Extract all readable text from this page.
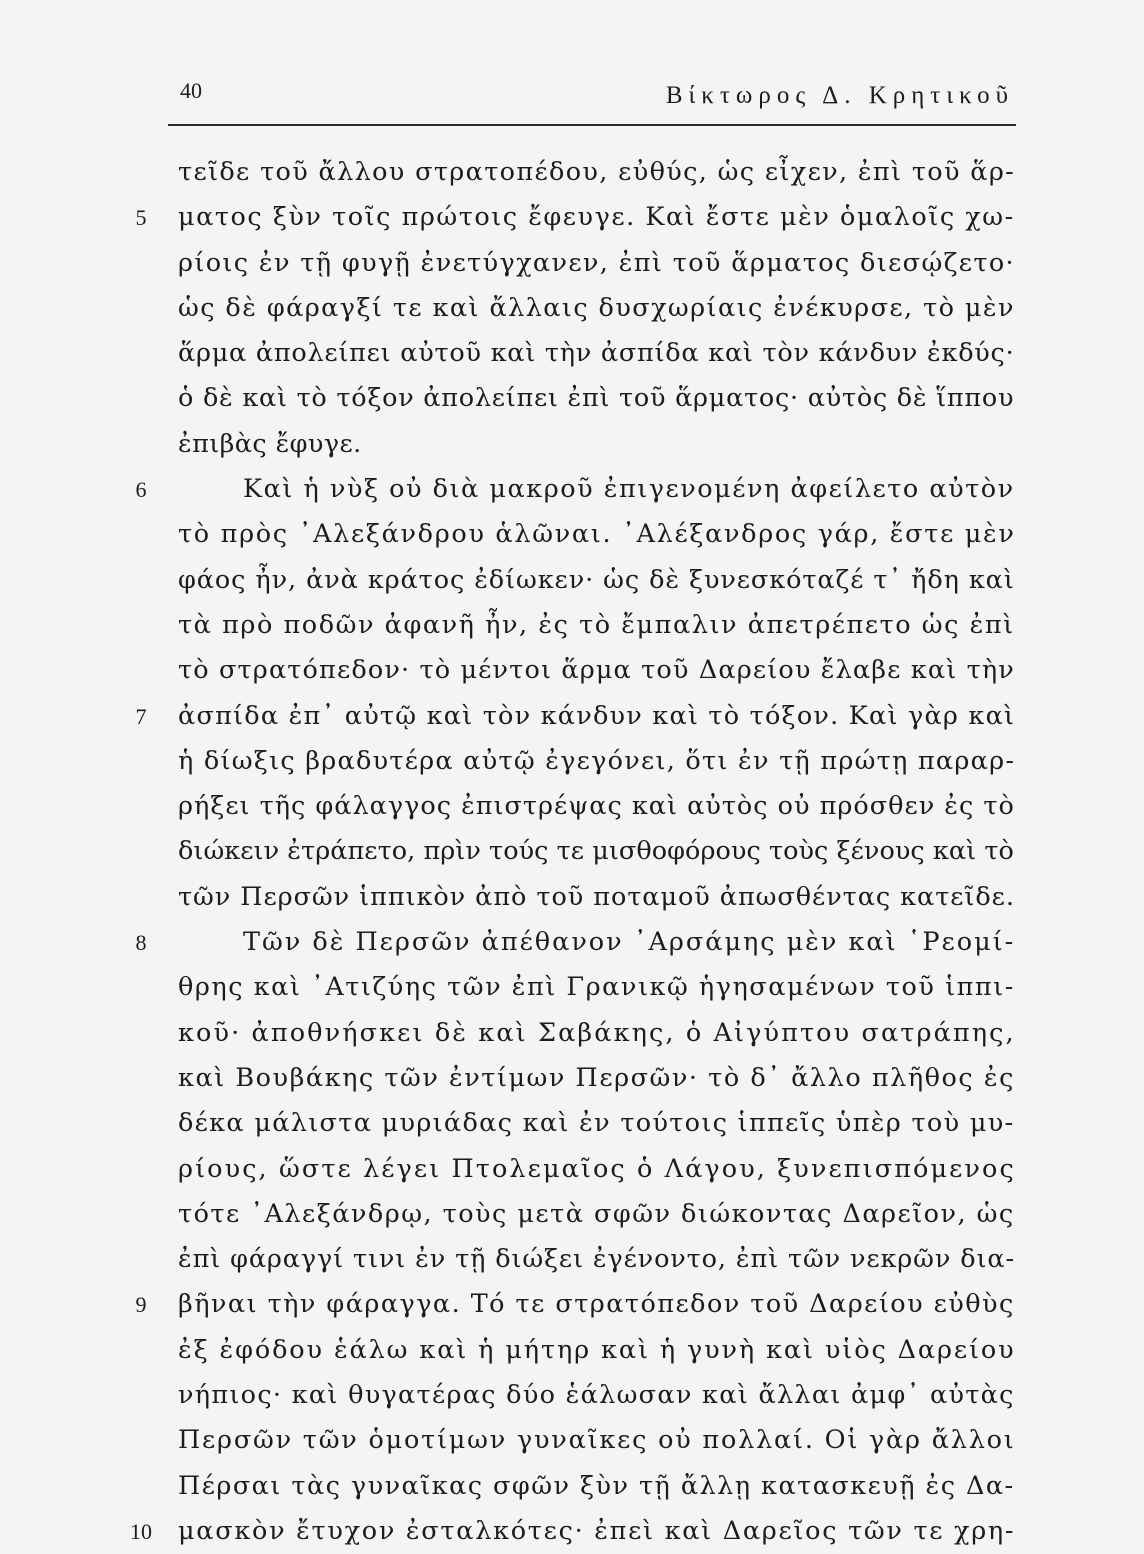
40	Βίκτωρος Δ. Κρητικοῦ
τεῖδε τοῦ ἄλλου στρατοπέδου, εὐθύς, ὡς εἶχεν, ἐπὶ τοῦ ἅρ-
5 ματος ξὺν τοῖς πρώτοις ἔφευγε. Καὶ ἔστε μὲν ὁμαλοῖς χω-
ρίοις ἐν τῇ φυγῇ ἐνετύγχανεν, ἐπὶ τοῦ ἅρματος διεσῴζετο·
ὡς δὲ φάραγξί τε καὶ ἄλλαις δυσχωρίαις ἐνέκυρσε, τὸ μὲν
ἅρμα ἀπολείπει αὐτοῦ καὶ τὴν ἀσπίδα καὶ τὸν κάνδυν ἐκδύς·
ὁ δὲ καὶ τὸ τόξον ἀπολείπει ἐπὶ τοῦ ἅρματος· αὐτὸς δὲ ἵππου
ἐπιβὰς ἔφυγε.
6	Καὶ ἡ νὺξ οὐ διὰ μακροῦ ἐπιγενομένη ἀφείλετο αὐτὸν
τὸ πρὸς ᾿Αλεξάνδρου ἁλῶναι. ᾿Αλέξανδρος γάρ, ἔστε μὲν
φάος ἦν, ἀνὰ κράτος ἐδίωκεν· ὡς δὲ ξυνεσκόταζέ τ᾿ ἤδη καὶ
τὰ πρὸ ποδῶν ἀφανῆ ἦν, ἐς τὸ ἔμπαλιν ἀπετρέπετο ὡς ἐπὶ
τὸ στρατόπεδον· τὸ μέντοι ἅρμα τοῦ Δαρείου ἔλαβε καὶ τὴν
7 ἀσπίδα ἐπ᾿ αὐτῷ καὶ τὸν κάνδυν καὶ τὸ τόξον. Καὶ γὰρ καὶ
ἡ δίωξις βραδυτέρα αὐτῷ ἐγεγόνει, ὅτι ἐν τῇ πρώτῃ παραρ-
ρήξει τῆς φάλαγγος ἐπιστρέψας καὶ αὐτὸς οὐ πρόσθεν ἐς τὸ
διώκειν ἐτράπετο, πρὶν τούς τε μισθοφόρους τοὺς ξένους καὶ τὸ
τῶν Περσῶν ἱππικὸν ἀπὸ τοῦ ποταμοῦ ἀπωσθέντας κατεῖδε.
8	Τῶν δὲ Περσῶν ἀπέθανον ᾿Αρσάμης μὲν καὶ ῾Ρεομί-
θρης καὶ ᾿Ατιζύης τῶν ἐπὶ Γρανικῷ ἡγησαμένων τοῦ ἱππι-
κοῦ· ἀποθνήσκει δὲ καὶ Σαβάκης, ὁ Αἰγύπτου σατράπης,
καὶ Βουβάκης τῶν ἐντίμων Περσῶν· τὸ δ᾿ ἄλλο πλῆθος ἐς
δέκα μάλιστα μυριάδας καὶ ἐν τούτοις ἱππεῖς ὑπὲρ τοὺ μυ-
ρίους, ὥστε λέγει Πτολεμαῖος ὁ Λάγου, ξυνεπισπόμενος
τότε ᾿Αλεξάνδρῳ, τοὺς μετὰ σφῶν διώκοντας Δαρεῖον, ὡς
ἐπὶ φάραγγί τινι ἐν τῇ διώξει ἐγένοντο, ἐπὶ τῶν νεκρῶν δια-
9 βῆναι τὴν φάραγγα. Τό τε στρατόπεδον τοῦ Δαρείου εὐθὺς
ἐξ ἐφόδου ἑάλω καὶ ἡ μήτηρ καὶ ἡ γυνὴ καὶ υἱὸς Δαρείου
νήπιος· καὶ θυγατέρας δύο ἑάλωσαν καὶ ἄλλαι ἀμφ᾿ αὐτὰς
Περσῶν τῶν ὁμοτίμων γυναῖκες οὐ πολλαί. Οἱ γὰρ ἄλλοι
Πέρσαι τὰς γυναῖκας σφῶν ξὺν τῇ ἄλλῃ κατασκευῇ ἐς Δα-
10 μασκὸν ἔτυχον ἐσταλκότες· ἐπεὶ καὶ Δαρεῖος τῶν τε χρη-
